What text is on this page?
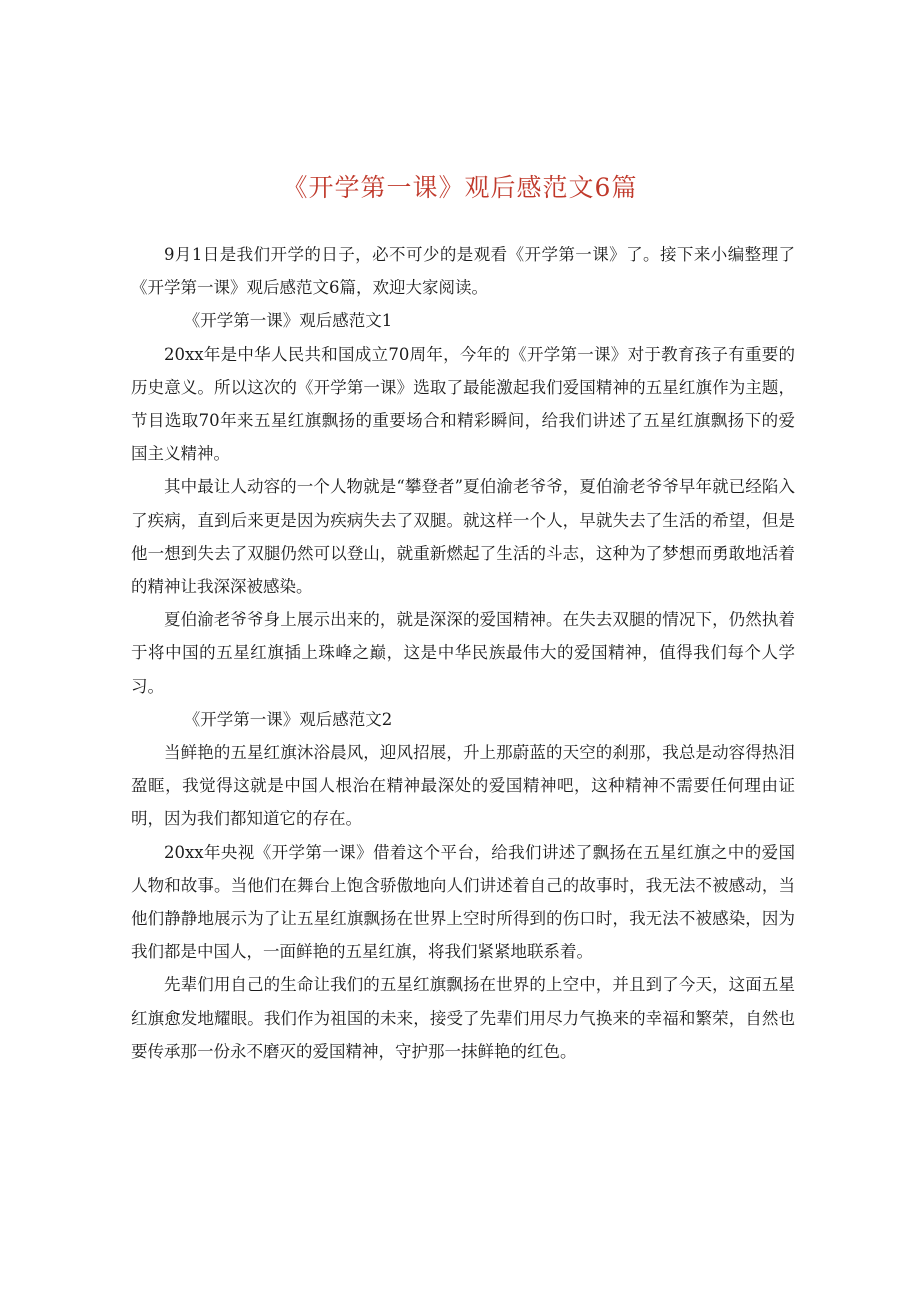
《开学第一课》观后感范文6篇

9月1日是我们开学的日子，必不可少的是观看《开学第一课》了。接下来小编整理了《开学第一课》观后感范文6篇，欢迎大家阅读。

《开学第一课》观后感范文1

20xx年是中华人民共和国成立70周年，今年的《开学第一课》对于教育孩子有重要的历史意义。所以这次的《开学第一课》选取了最能激起我们爱国精神的五星红旗作为主题，节目选取70年来五星红旗飘扬的重要场合和精彩瞬间，给我们讲述了五星红旗飘扬下的爱国主义精神。

其中最让人动容的一个人物就是“攀登者”夏伯渝老爷爷，夏伯渝老爷爷早年就已经陷入了疾病，直到后来更是因为疾病失去了双腿。就这样一个人，早就失去了生活的希望，但是他一想到失去了双腿仍然可以登山，就重新燃起了生活的斗志，这种为了梦想而勇敢地活着的精神让我深深被感染。

夏伯渝老爷爷身上展示出来的，就是深深的爱国精神。在失去双腿的情况下，仍然执着于将中国的五星红旗插上珠峰之巅，这是中华民族最伟大的爱国精神，值得我们每个人学习。

《开学第一课》观后感范文2

当鲜艳的五星红旗沐浴晨风，迎风招展，升上那蔚蓝的天空的刹那，我总是动容得热泪盈眶，我觉得这就是中国人根治在精神最深处的爱国精神吧，这种精神不需要任何理由证明，因为我们都知道它的存在。

20xx年央视《开学第一课》借着这个平台，给我们讲述了飘扬在五星红旗之中的爱国人物和故事。当他们在舞台上饱含骄傲地向人们讲述着自己的故事时，我无法不被感动，当他们静静地展示为了让五星红旗飘扬在世界上空时所得到的伤口时，我无法不被感染，因为我们都是中国人，一面鲜艳的五星红旗，将我们紧紧地联系着。

先辈们用自己的生命让我们的五星红旗飘扬在世界的上空中，并且到了今天，这面五星红旗愈发地耀眼。我们作为祖国的未来，接受了先辈们用尽力气换来的幸福和繁荣，自然也要传承那一份永不磨灭的爱国精神，守护那一抹鲜艳的红色。
